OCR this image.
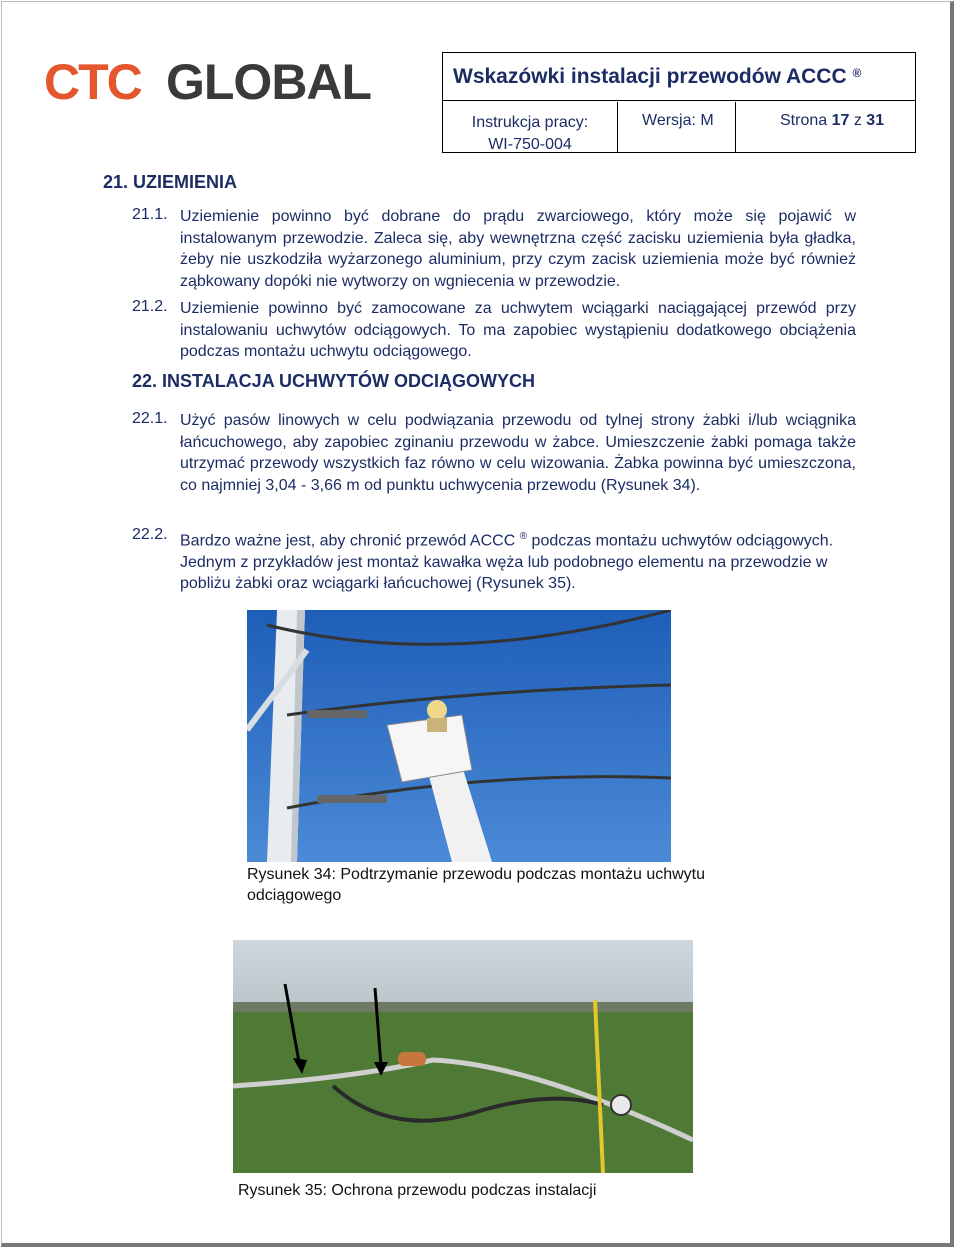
CTC GLOBAL	Wskazówki instalacji przewodów ACCC ®
Instrukcja pracy:
WI-750-004
Wersja: M	Strona 17 z 31
21. UZIEMIENIA
21.1. Uziemienie powinno być dobrane do prądu zwarciowego, który może się pojawić w instalowanym przewodzie. Zaleca się, aby wewnętrzna część zacisku uziemienia była gładka, żeby nie uszkodziła wyżarzonego aluminium, przy czym zacisk uziemienia może być również ząbkowany dopóki nie wytworzy on wgniecenia w przewodzie.
21.2. Uziemienie powinno być zamocowane za uchwytem wciągarki naciągającej przewód przy instalowaniu uchwytów odciągowych. To ma zapobiec wystąpieniu dodatkowego obciążenia podczas montażu uchwytu odciągowego.
22. INSTALACJA UCHWYTÓW ODCIĄGOWYCH
22.1. Użyć pasów linowych w celu podwiązania przewodu od tylnej strony żabki i/lub wciągnika łańcuchowego, aby zapobiec zginaniu przewodu w żabce. Umieszczenie żabki pomaga także utrzymać przewody wszystkich faz równo w celu wizowania. Żabka powinna być umieszczona, co najmniej 3,04 - 3,66 m od punktu uchwycenia przewodu (Rysunek 34).
22.2. Bardzo ważne jest, aby chronić przewód ACCC ® podczas montażu uchwytów odciągowych. Jednym z przykładów jest montaż kawałka węża lub podobnego elementu na przewodzie w pobliżu żabki oraz wciągarki łańcuchowej (Rysunek 35).
Rysunek 34: Podtrzymanie przewodu podczas montażu uchwytu odciągowego
Rysunek 35: Ochrona przewodu podczas instalacji
